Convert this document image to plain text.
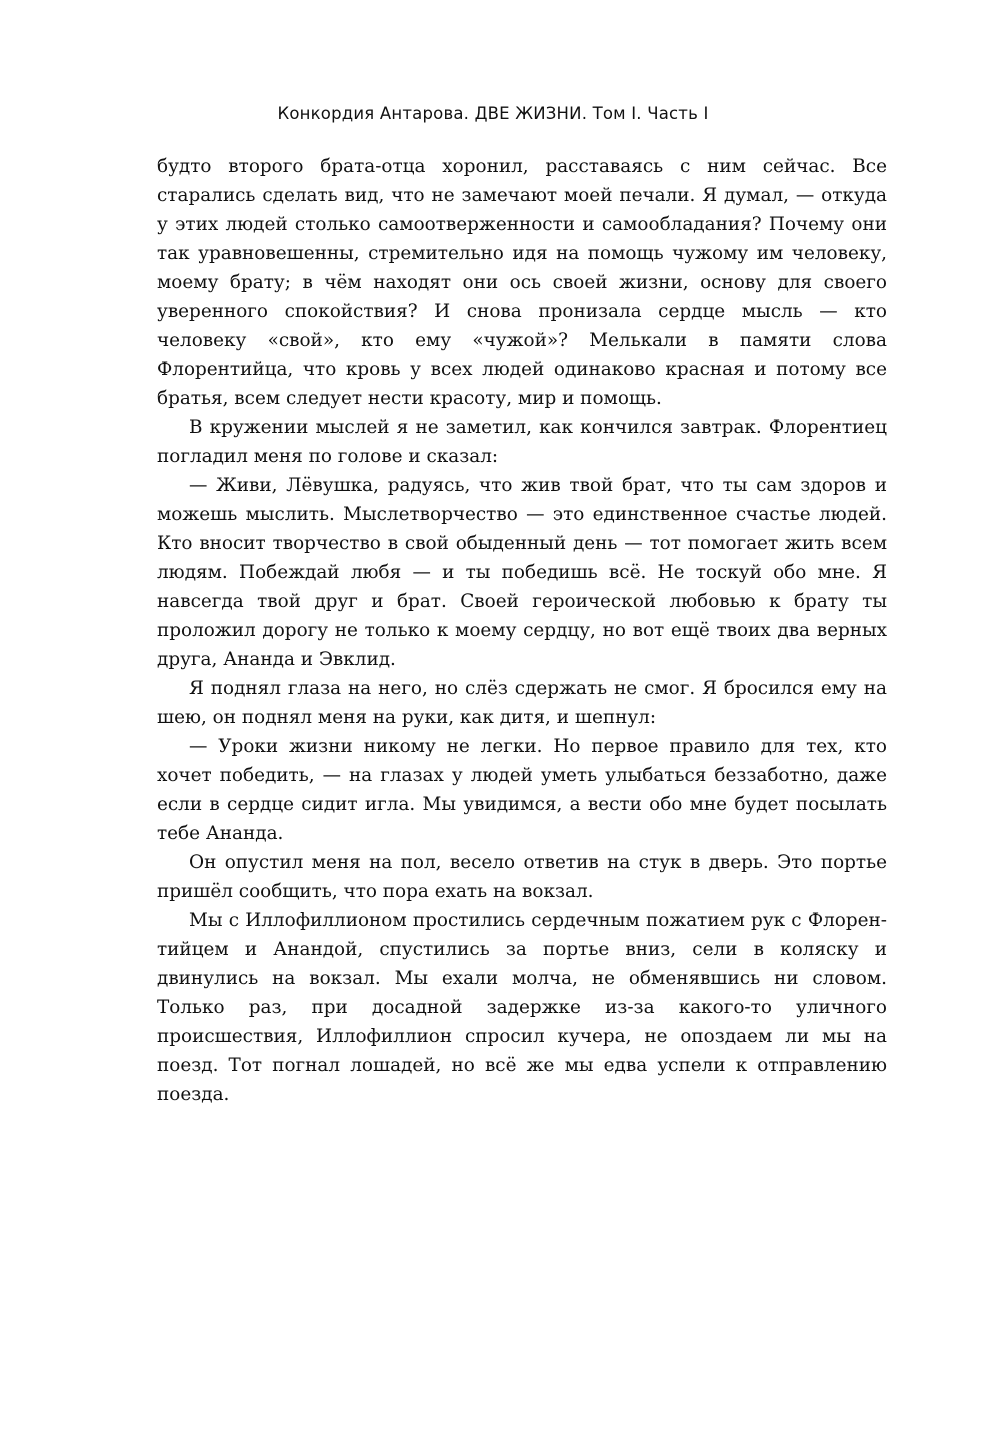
Конкордия Антарова. ДВЕ ЖИЗНИ. Том I. Часть I

будто второго брата-отца хоронил, расставаясь с ним сейчас. Все старались сделать вид, что не замечают моей печали. Я думал, — откуда у этих людей столько самоотверженности и самообладания? Почему они так уравновешенны, стремительно идя на помощь чужому им человеку, моему брату; в чём находят они ось своей жизни, основу для своего уверенного спокойствия? И снова пронизала сердце мысль — кто человеку «свой», кто ему «чужой»? Мелькали в памяти слова Флорентийца, что кровь у всех людей одинаково красная и потому все братья, всем следует нести красоту, мир и помощь.

В кружении мыслей я не заметил, как кончился завтрак. Флорентиец погладил меня по голове и сказал:

— Живи, Лёвушка, радуясь, что жив твой брат, что ты сам здоров и можешь мыслить. Мыслетворчество — это единственное счастье людей. Кто вносит творчество в свой обыденный день — тот помогает жить всем людям. Побеждай любя — и ты победишь всё. Не тоскуй обо мне. Я навсегда твой друг и брат. Своей героической любовью к брату ты проложил дорогу не только к моему сердцу, но вот ещё твоих два верных друга, Ананда и Эвклид.

Я поднял глаза на него, но слёз сдержать не смог. Я бросился ему на шею, он поднял меня на руки, как дитя, и шепнул:

— Уроки жизни никому не легки. Но первое правило для тех, кто хочет победить, — на глазах у людей уметь улыбаться беззаботно, даже если в сердце сидит игла. Мы увидимся, а вести обо мне будет посылать тебе Ананда.

Он опустил меня на пол, весело ответив на стук в дверь. Это портье пришёл сообщить, что пора ехать на вокзал.

Мы с Иллофиллионом простились сердечным пожатием рук с Флорентийцем и Анандой, спустились за портье вниз, сели в коляску и двинулись на вокзал. Мы ехали молча, не обменявшись ни словом. Только раз, при досадной задержке из-за какого-то уличного происшествия, Иллофиллион спросил кучера, не опоздаем ли мы на поезд. Тот погнал лошадей, но всё же мы едва успели к отправлению поезда.
